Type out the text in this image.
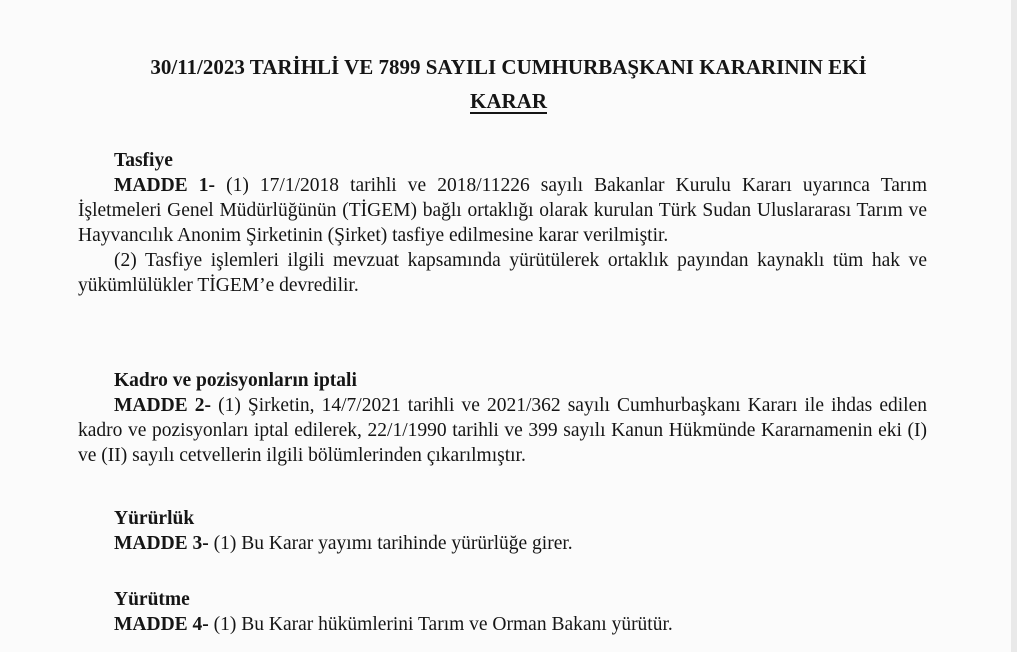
30/11/2023 TARİHLİ VE 7899 SAYILI CUMHURBAŞKANI KARARININ EKİ
KARAR
Tasfiye

MADDE 1- (1) 17/1/2018 tarihli ve 2018/11226 sayılı Bakanlar Kurulu Kararı uyarınca Tarım İşletmeleri Genel Müdürlüğünün (TİGEM) bağlı ortaklığı olarak kurulan Türk Sudan Uluslararası Tarım ve Hayvancılık Anonim Şirketinin (Şirket) tasfiye edilmesine karar verilmiştir.

(2) Tasfiye işlemleri ilgili mevzuat kapsamında yürütülerek ortaklık payından kaynaklı tüm hak ve yükümlülükler TİGEM’e devredilir.

Kadro ve pozisyonların iptali

MADDE 2- (1) Şirketin, 14/7/2021 tarihli ve 2021/362 sayılı Cumhurbaşkanı Kararı ile ihdas edilen kadro ve pozisyonları iptal edilerek, 22/1/1990 tarihli ve 399 sayılı Kanun Hükmünde Kararnamenin eki (I) ve (II) sayılı cetvellerin ilgili bölümlerinden çıkarılmıştır.

Yürürlük

MADDE 3- (1) Bu Karar yayımı tarihinde yürürlüğe girer.

Yürütme

MADDE 4- (1) Bu Karar hükümlerini Tarım ve Orman Bakanı yürütür.
